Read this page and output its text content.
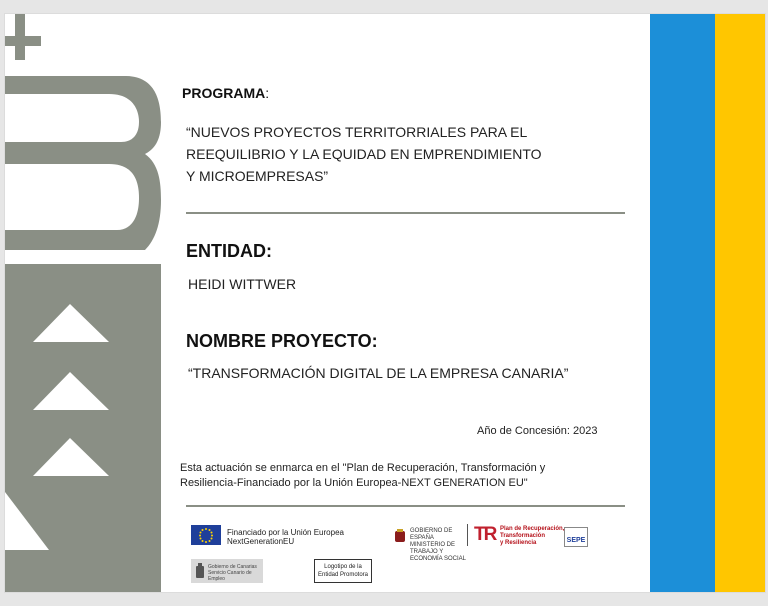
PROGRAMA:
“NUEVOS PROYECTOS TERRITORRIALES PARA EL
REEQUILIBRIO Y LA EQUIDAD EN EMPRENDIMIENTO
Y MICROEMPRESAS”
ENTIDAD:
HEIDI WITTWER
NOMBRE PROYECTO:
“TRANSFORMACIÓN DIGITAL DE LA EMPRESA CANARIA”
Año de Concesión: 2023
Esta actuación se enmarca en el "Plan de Recuperación, Transformación y
Resiliencia-Financiado por la Unión Europea-NEXT GENERATION EU"
Financiado por la Unión Europea
NextGenerationEU
GOBIERNO DE ESPAÑA MINISTERIO DE TRABAJO Y ECONOMÍA SOCIAL
TR Plan de Recuperación,
Transformación
y Resiliencia	SEPE
Gobierno de Canarias
Servicio Canario de Empleo
Logotipo de la
Entidad Promotora
